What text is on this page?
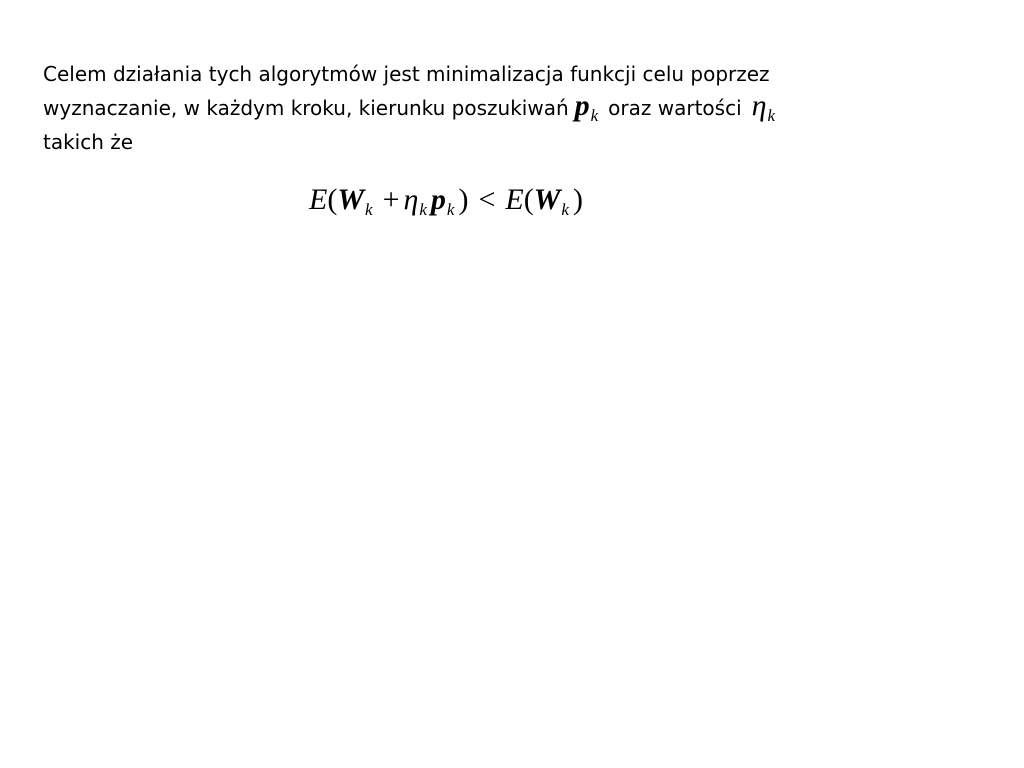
Celem działania tych algorytmów jest minimalizacja funkcji celu poprzez
wyznaczanie, w każdym kroku, kierunku poszukiwań $p_k$ oraz wartości $\eta_k$
takich że
$E(W_k + \eta_k$ $p_k$ ) < $E(W_k$ )
